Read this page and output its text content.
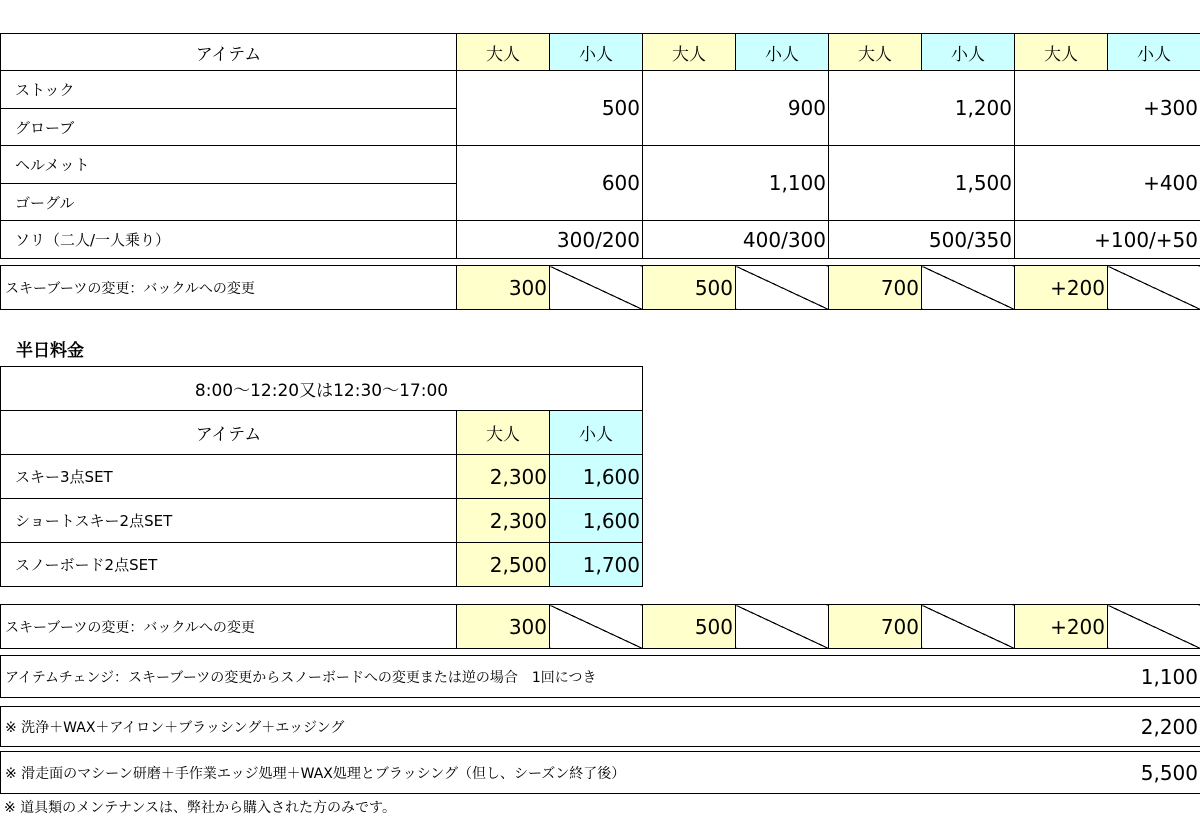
アイテム	大人	小人	大人	小人	大人	小人	大人	小人
ストック	500		900		1,200		+300	
グローブ								
ヘルメット	600		1,100		1,500		+400	
ゴーグル								
ソリ（二人/一人乗り）	300/200		400/300		500/350		+100/+50	
スキーブーツの変更：バックルへの変更	300		500		700		+200	
半日料金
8:00〜12:20又は12:30〜17:00		
アイテム	大人	小人
スキー3点SET	2,300	1,600
ショートスキー2点SET	2,300	1,600
スノーボード2点SET	2,500	1,700
スキーブーツの変更：バックルへの変更	300		500		700		+200	
アイテムチェンジ：スキーブーツの変更からスノーボードへの変更または逆の場合　1回につき	1,100
※ 洗浄＋WAX＋アイロン＋ブラッシング＋エッジング	2,200
※ 滑走面のマシーン研磨＋手作業エッジ処理＋WAX処理とブラッシング（但し、シーズン終了後）	5,500
※ 道具類のメンテナンスは、弊社から購入された方のみです。
